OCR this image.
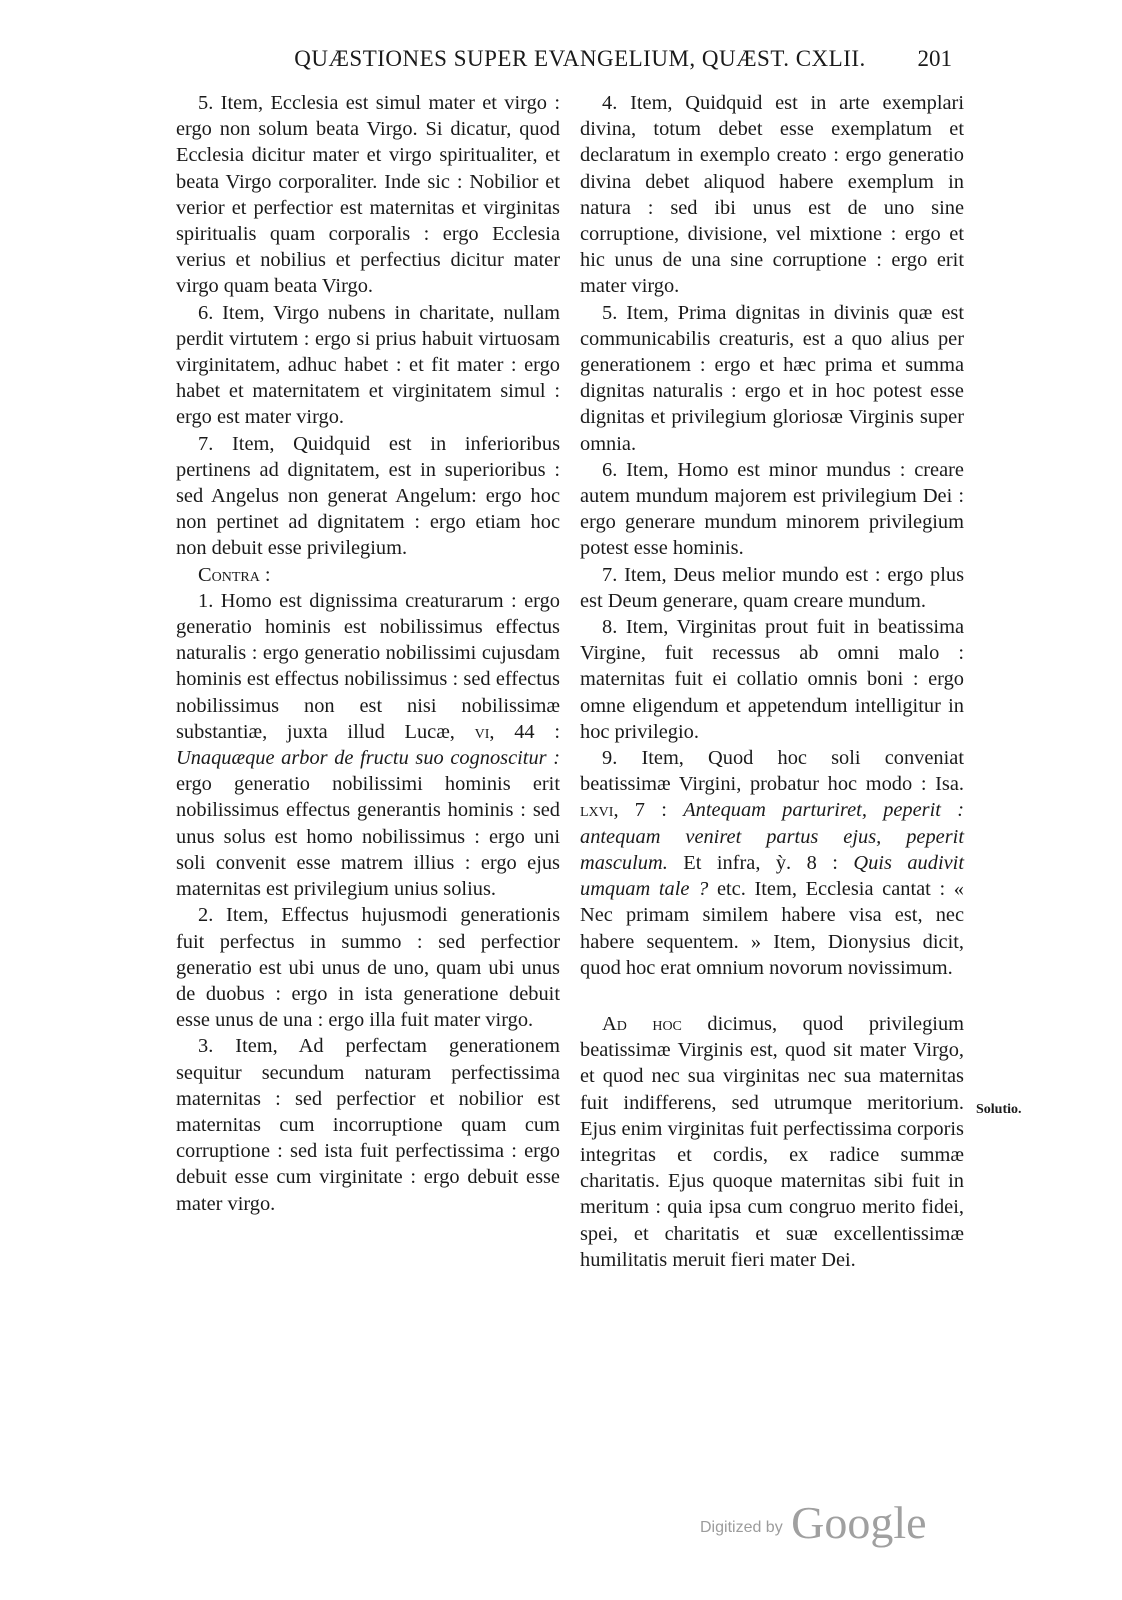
QUÆSTIONES SUPER EVANGELIUM, QUÆST. CXLII.	201

5. Item, Ecclesia est simul mater et virgo : ergo non solum beata Virgo. Si dicatur, quod Ecclesia dicitur mater et virgo spiritualiter, et beata Virgo corporaliter. Inde sic : Nobilior et verior et perfectior est maternitas et virginitas spiritualis quam corporalis : ergo Ecclesia verius et nobilius et perfectius dicitur mater virgo quam beata Virgo.

6. Item, Virgo nubens in charitate, nullam perdit virtutem : ergo si prius habuit virtuosam virginitatem, adhuc habet : et fit mater : ergo habet et maternitatem et virginitatem simul : ergo est mater virgo.

7. Item, Quidquid est in inferioribus pertinens ad dignitatem, est in superioribus : sed Angelus non generat Angelum: ergo hoc non pertinet ad dignitatem : ergo etiam hoc non debuit esse privilegium.

Contra :

1. Homo est dignissima creaturarum : ergo generatio hominis est nobilissimus effectus naturalis : ergo generatio nobilissimi cujusdam hominis est effectus nobilissimus : sed effectus nobilissimus non est nisi nobilissimæ substantiæ, juxta illud Lucæ, vi, 44 : Unaquæque arbor de fructu suo cognoscitur : ergo generatio nobilissimi hominis erit nobilissimus effectus generantis hominis : sed unus solus est homo nobilissimus : ergo uni soli convenit esse matrem illius : ergo ejus maternitas est privilegium unius solius.

2. Item, Effectus hujusmodi generationis fuit perfectus in summo : sed perfectior generatio est ubi unus de uno, quam ubi unus de duobus : ergo in ista generatione debuit esse unus de una : ergo illa fuit mater virgo.

3. Item, Ad perfectam generationem sequitur secundum naturam perfectissima maternitas : sed perfectior et nobilior est maternitas cum incorruptione quam cum corruptione : sed ista fuit perfectissima : ergo debuit esse cum virginitate : ergo debuit esse mater virgo.

4. Item, Quidquid est in arte exemplari divina, totum debet esse exemplatum et declaratum in exemplo creato : ergo generatio divina debet aliquod habere exemplum in natura : sed ibi unus est de uno sine corruptione, divisione, vel mixtione : ergo et hic unus de una sine corruptione : ergo erit mater virgo.

5. Item, Prima dignitas in divinis quæ est communicabilis creaturis, est a quo alius per generationem : ergo et hæc prima et summa dignitas naturalis : ergo et in hoc potest esse dignitas et privilegium gloriosæ Virginis super omnia.

6. Item, Homo est minor mundus : creare autem mundum majorem est privilegium Dei : ergo generare mundum minorem privilegium potest esse hominis.

7. Item, Deus melior mundo est : ergo plus est Deum generare, quam creare mundum.

8. Item, Virginitas prout fuit in beatissima Virgine, fuit recessus ab omni malo : maternitas fuit ei collatio omnis boni : ergo omne eligendum et appetendum intelligitur in hoc privilegio.

9. Item, Quod hoc soli conveniat beatissimæ Virgini, probatur hoc modo : Isa. lxvi, 7 : Antequam parturiret, peperit : antequam veniret partus ejus, peperit masculum. Et infra, ỳ. 8 : Quis audivit umquam tale ? etc. Item, Ecclesia cantat : « Nec primam similem habere visa est, nec habere sequentem. » Item, Dionysius dicit, quod hoc erat omnium novorum novissimum.

Ad hoc dicimus, quod privilegium beatissimæ Virginis est, quod sit mater Virgo, et quod nec sua virginitas nec sua maternitas fuit indifferens, sed utrumque meritorium. Ejus enim virginitas fuit perfectissima corporis integritas et cordis, ex radice summæ charitatis. Ejus quoque maternitas sibi fuit in meritum : quia ipsa cum congruo merito fidei, spei, et charitatis et suæ excellentissimæ humilitatis meruit fieri mater Dei.

Solutio.
Digitized by Google
